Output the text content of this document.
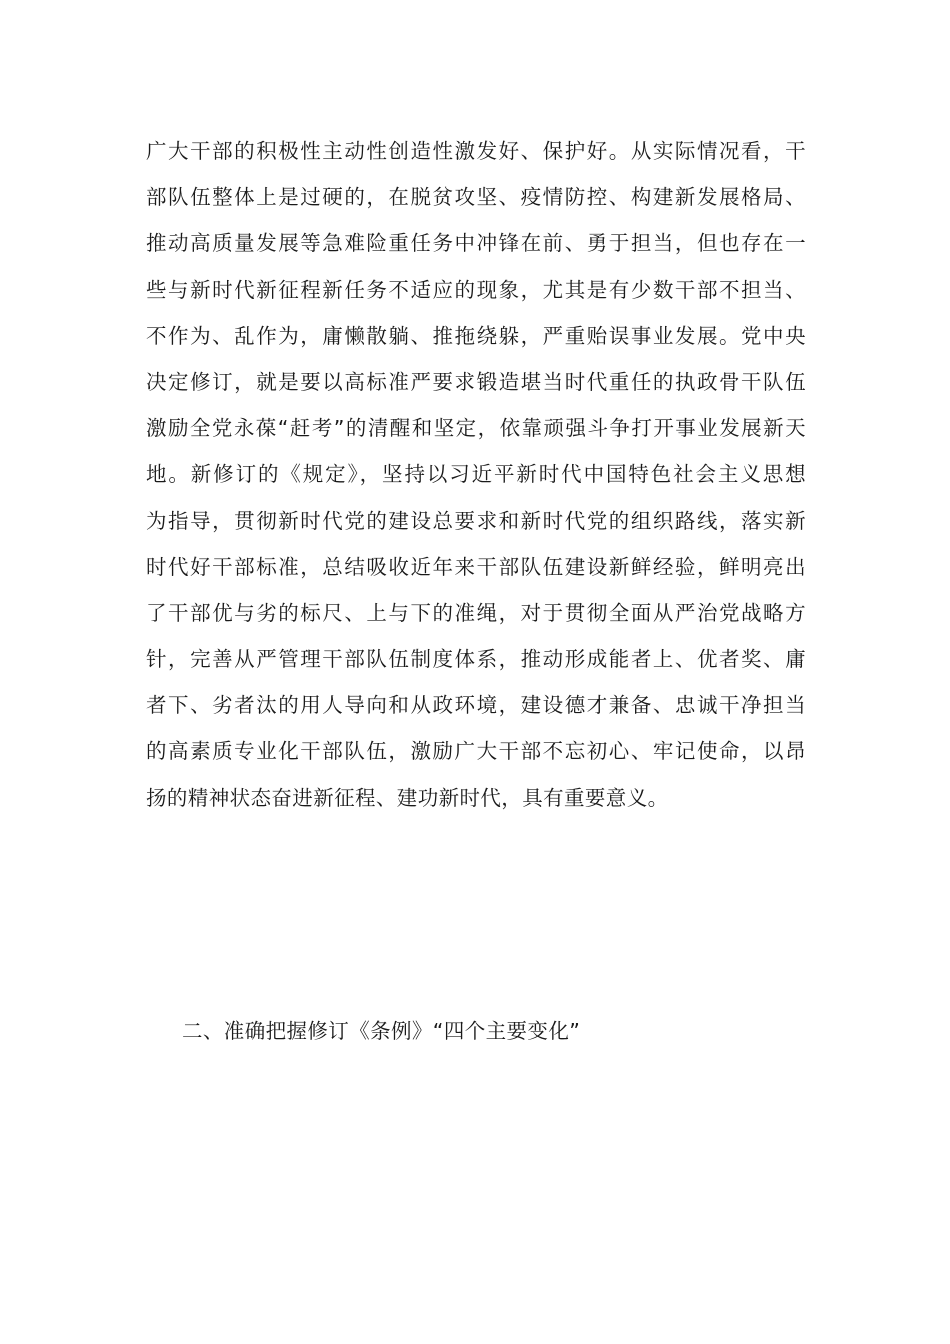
广大干部的积极性主动性创造性激发好、保护好。从实际情况看，干
部队伍整体上是过硬的，在脱贫攻坚、疫情防控、构建新发展格局、
推动高质量发展等急难险重任务中冲锋在前、勇于担当，但也存在一
些与新时代新征程新任务不适应的现象，尤其是有少数干部不担当、
不作为、乱作为，庸懒散躺、推拖绕躲，严重贻误事业发展。党中央
决定修订，就是要以高标准严要求锻造堪当时代重任的执政骨干队伍
激励全党永葆“赶考”的清醒和坚定，依靠顽强斗争打开事业发展新天
地。新修订的《规定》，坚持以习近平新时代中国特色社会主义思想
为指导，贯彻新时代党的建设总要求和新时代党的组织路线，落实新
时代好干部标准，总结吸收近年来干部队伍建设新鲜经验，鲜明亮出
了干部优与劣的标尺、上与下的准绳，对于贯彻全面从严治党战略方
针，完善从严管理干部队伍制度体系，推动形成能者上、优者奖、庸
者下、劣者汰的用人导向和从政环境，建设德才兼备、忠诚干净担当
的高素质专业化干部队伍，激励广大干部不忘初心、牢记使命，以昂
扬的精神状态奋进新征程、建功新时代，具有重要意义。
二、准确把握修订《条例》“四个主要变化”
